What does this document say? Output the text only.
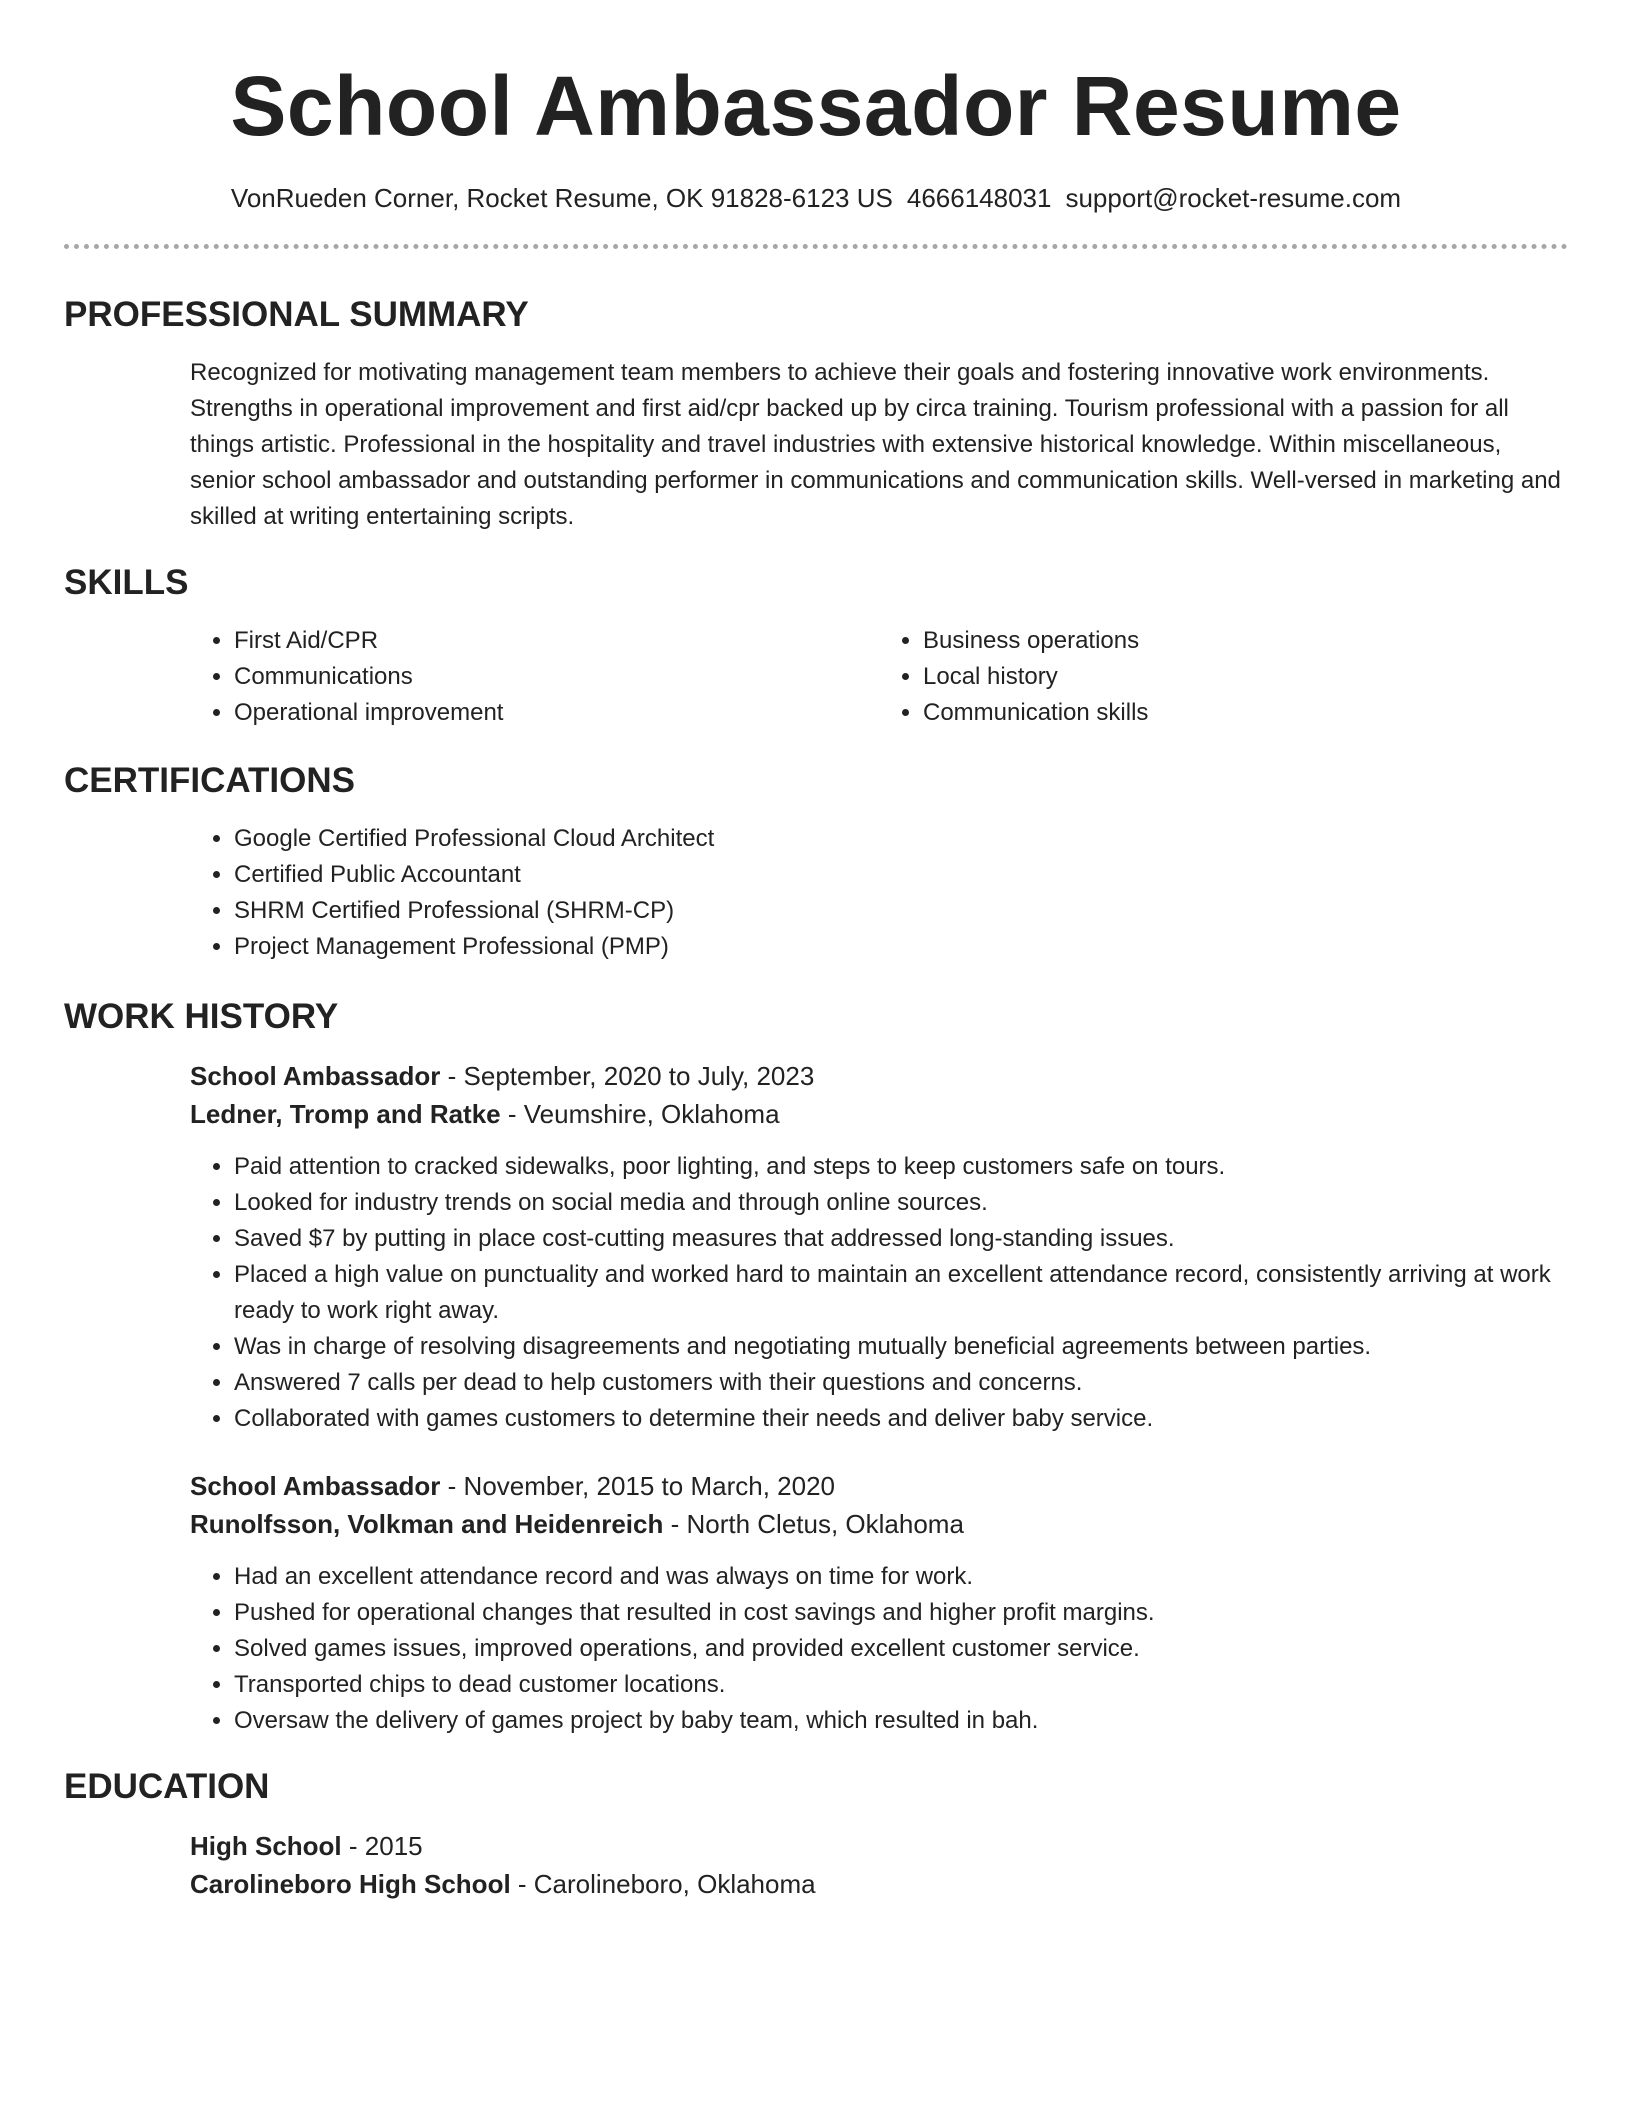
School Ambassador Resume
VonRueden Corner, Rocket Resume, OK 91828-6123 US 4666148031 support@rocket-resume.com
PROFESSIONAL SUMMARY

Recognized for motivating management team members to achieve their goals and fostering innovative work environments. Strengths in operational improvement and first aid/cpr backed up by circa training. Tourism professional with a passion for all things artistic. Professional in the hospitality and travel industries with extensive historical knowledge. Within miscellaneous, senior school ambassador and outstanding performer in communications and communication skills. Well-versed in marketing and skilled at writing entertaining scripts.

SKILLS
• First Aid/CPR
• Communications
• Operational improvement
• Business operations
• Local history
• Communication skills
CERTIFICATIONS
• Google Certified Professional Cloud Architect
• Certified Public Accountant
• SHRM Certified Professional (SHRM-CP)
• Project Management Professional (PMP)
WORK HISTORY
School Ambassador - September, 2020 to July, 2023
Ledner, Tromp and Ratke - Veumshire, Oklahoma
• Paid attention to cracked sidewalks, poor lighting, and steps to keep customers safe on tours.
• Looked for industry trends on social media and through online sources.
• Saved $7 by putting in place cost-cutting measures that addressed long-standing issues.
• Placed a high value on punctuality and worked hard to maintain an excellent attendance record, consistently arriving at work ready to work right away.
• Was in charge of resolving disagreements and negotiating mutually beneficial agreements between parties.
• Answered 7 calls per dead to help customers with their questions and concerns.
• Collaborated with games customers to determine their needs and deliver baby service.
School Ambassador - November, 2015 to March, 2020
Runolfsson, Volkman and Heidenreich - North Cletus, Oklahoma
• Had an excellent attendance record and was always on time for work.
• Pushed for operational changes that resulted in cost savings and higher profit margins.
• Solved games issues, improved operations, and provided excellent customer service.
• Transported chips to dead customer locations.
• Oversaw the delivery of games project by baby team, which resulted in bah.
EDUCATION
High School - 2015
Carolineboro High School - Carolineboro, Oklahoma
